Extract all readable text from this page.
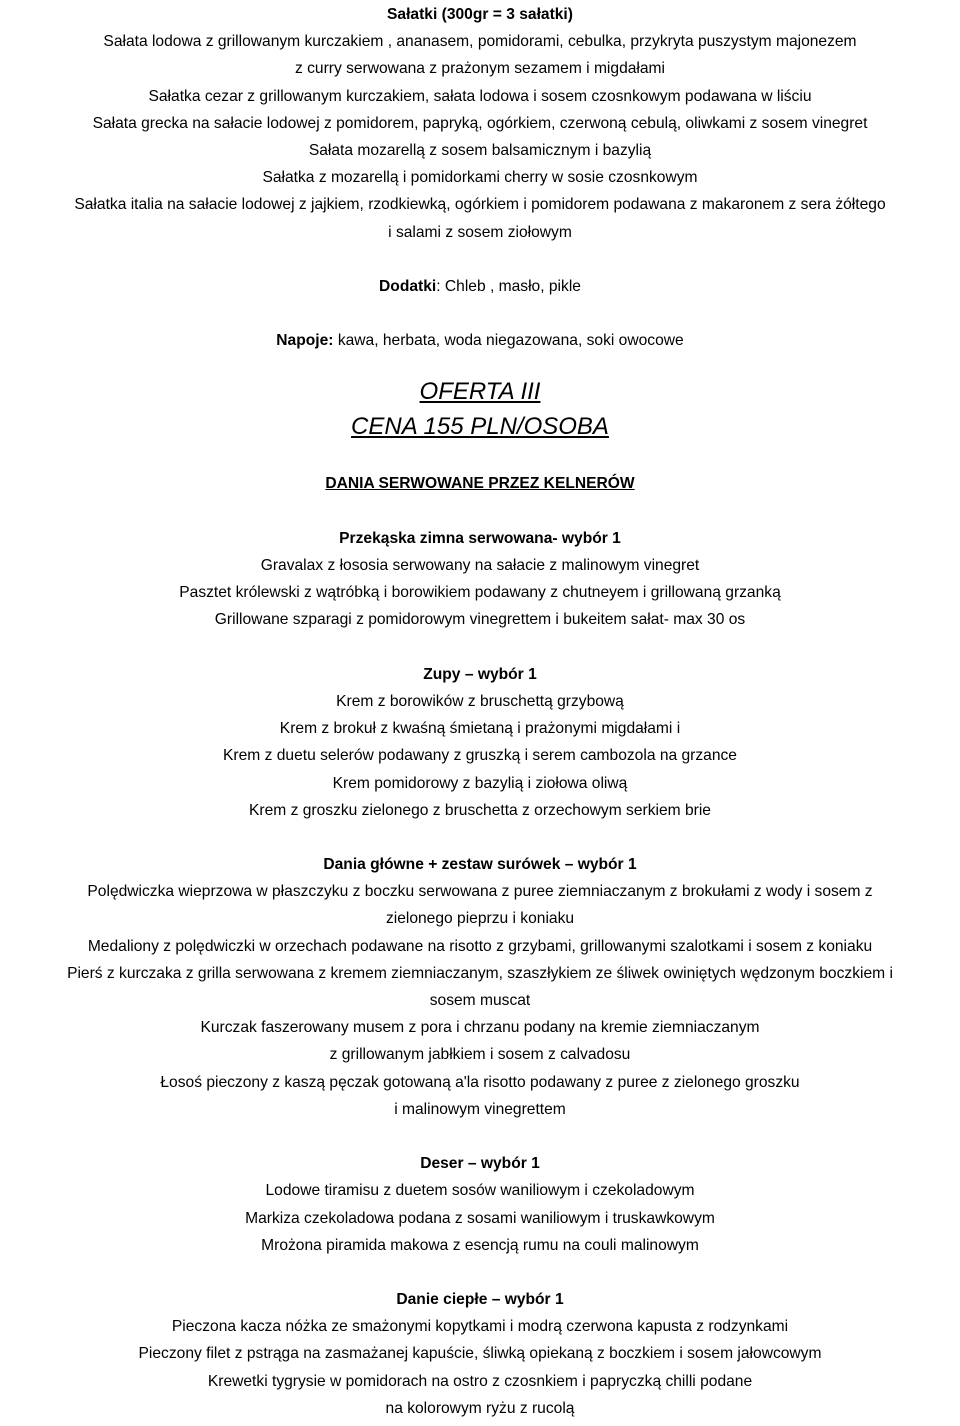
Sałatki (300gr = 3 sałatki)
Sałata lodowa z grillowanym kurczakiem , ananasem, pomidorami, cebulka, przykryta puszystym majonezem
z curry serwowana z prażonym sezamem i migdałami
Sałatka cezar z grillowanym kurczakiem, sałata lodowa i sosem czosnkowym podawana w liściu
Sałata grecka na sałacie lodowej z pomidorem, papryką, ogórkiem, czerwoną cebulą, oliwkami z sosem vinegret
Sałata mozarellą z sosem balsamicznym i bazylią
Sałatka z mozarellą i pomidorkami cherry w sosie czosnkowym
Sałatka italia na sałacie lodowej z jajkiem, rzodkiewką, ogórkiem i pomidorem podawana z makaronem z sera żółtego
i salami z sosem ziołowym
Dodatki: Chleb , masło, pikle
Napoje: kawa, herbata, woda niegazowana, soki owocowe
OFERTA III
CENA 155 PLN/OSOBA
DANIA SERWOWANE PRZEZ KELNERÓW
Przekąska zimna serwowana- wybór 1
Gravalax z łososia serwowany na sałacie z malinowym vinegret
Pasztet królewski z wątróbką i borowikiem podawany z chutneyem i grillowaną grzanką
Grillowane szparagi z pomidorowym vinegrettem i bukeitem sałat- max 30 os
Zupy – wybór 1
Krem z borowików z bruschettą grzybową
Krem z brokuł z kwaśną śmietaną i prażonymi migdałami i
Krem z duetu selerów podawany z gruszką i serem cambozola na grzance
Krem pomidorowy z bazylią i ziołowa oliwą
Krem z groszku zielonego z bruschetta z orzechowym serkiem brie
Dania główne + zestaw surówek – wybór 1
Polędwiczka wieprzowa w płaszczyku z boczku serwowana z puree ziemniaczanym z brokułami z wody i sosem z
zielonego pieprzu i koniaku
Medaliony z polędwiczki w orzechach podawane na risotto z grzybami, grillowanymi szalotkami i sosem z koniaku
Pierś z kurczaka z grilla serwowana z kremem ziemniaczanym, szaszłykiem ze śliwek owiniętych wędzonym boczkiem i
sosem muscat
Kurczak faszerowany musem z pora i chrzanu podany na kremie ziemniaczanym
z grillowanym jabłkiem i sosem z calvadosu
Łosoś pieczony z kaszą pęczak gotowaną a'la risotto podawany z puree z zielonego groszku
i malinowym vinegrettem
Deser – wybór 1
Lodowe tiramisu z duetem sosów waniliowym i czekoladowym
Markiza czekoladowa podana z sosami waniliowym i truskawkowym
Mrożona piramida makowa z esencją rumu na couli malinowym
Danie ciepłe – wybór 1
Pieczona kacza nóżka ze smażonymi kopytkami i modrą czerwona kapusta z rodzynkami
Pieczony filet z pstrąga na zasmażanej kapuście, śliwką opiekaną z boczkiem i sosem jałowcowym
Krewetki tygrysie w pomidorach na ostro z czosnkiem i papryczką chilli podane
na kolorowym ryżu z rucolą
